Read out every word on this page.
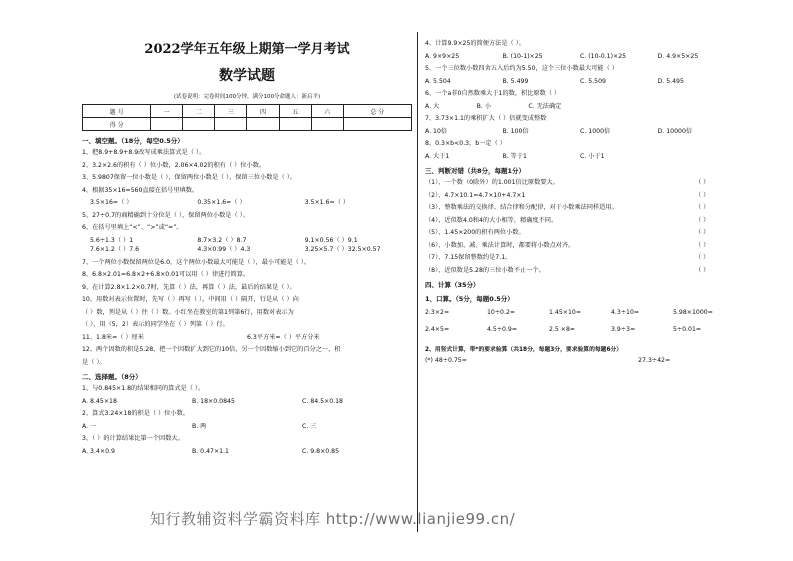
2022学年五年级上期第一学月考试
数学试题
(试卷说明：完卷时间100分钟，满分100分命题人：新启平)
题 号	一	二	三	四	五	六	总 分
得 分							
一、填空题。（18分，每空0.5分）
1、把8.9+8.9+8.9改写成乘法算式是（ ）。
2、3.2×2.6的积有（ ）位小数，2.06×4.02的积有（ ）位小数。
3、5.9807保留一位小数是（ ），保留两位小数是（ ），保留三位小数是（ ）。
4、根据35×16=560直接在括号里填数。
3.5×16=（ ）	0.35×1.6=（ ）	3.5×1.6=（ ）
5、27÷0.7的商精确到十分位是（ ），保留两位小数是（ ）。
6、在括号里填上“<”、“>”或“=”。
5.6÷1.3（ ）1	8.7×3.2（ ）8.7	9.1×0.56（ ）9.1
7.6×1.2（ ）7.6	4.3×0.99（ ）4.3	3.25×5.7（ ）32.5×0.57
7、一个两位小数保留两位是6.0，这个两位小数最大可能是（ ），最小可能是（ ）。
8、6.8×2.01=6.8×2+6.8×0.01可以用（ ）律进行简算。
9、在计算2.8×1.2×0.7时，先算（ ）法，再算（ ）法，最后的结果是（ ）。
10、用数对表示位置时，先写（ ）再写（ ），中间用（ ）隔开，行是从（ ）向
（ ）数，列是从（ ）往（ ）数。小红坐在教室的第1列第6行，用数对表示为
（ ），用（5，2）表示的同学坐在（ ）列第（ ）行。
11、1.8米=（ ）厘米	6.3平方米=（ ）平方分米
12、两个因数的积是5.28，把一个因数扩大到它的10倍，另一个因数缩小到它的百分之一，积
是（ ）。
二、选择题。（8分）
1、与0.845×1.8的结果相同的算式是（ ）。
A. 8.45×18	B. 18×0.0845	C. 84.5×0.18
2、算式3.24×18的积是（ ）位小数。
A. 一	B. 两	C. 三
3、（ ）的计算结果比第一个因数大。
A. 3.4×0.9	B. 0.47×1.1	C. 9.8×0.85
4、计算9.9×25的简便方法是（ ）。
A. 9×9×25	B. (10-1)×25	C. (10-0.1)×25	D. 4.9×5×25
5、一个三位数小数四舍五入后约为5.50，这个三位小数最大可能（ ）
A. 5.504	B. 5.499	C. 5.509	D. 5.495
6、一个a非0自然数乘大于1的数，积比原数（ ）
A. 大	B. 小	C. 无法确定
7、3.73×1.1的乘积扩大（ ）倍就变成整数
A. 10倍	B. 100倍	C. 1000倍	D. 10000倍
8、0.3×b<0.3，b一定（ ）
A. 大于1	B. 等于1	C. 小于1
三、判断对错（共8分，每题1分）
（1）、一个数（0除外）的1.001倍比原数要大。	（ ）
（2）、4.7×10.1=4.7×10+4.7×1	（ ）
（3）、整数乘法的交换律、结合律和分配律，对于小数乘法同样适用。	（ ）
（4）、近似数4.0和4的大小相等，精确度不同。	（ ）
（5）、1.45×200的积有两位小数。	（ ）
（6）、小数加、减、乘法计算时，都要将小数点对齐。	（ ）
（7）、7.15保留整数约是7.1。	（ ）
（8）、近似数是5.28的三位小数不止一个。	（ ）
四、计算（35分）
1、口算。（5分，每题0.5分）
2.3×2=	10÷0.2=	1.45×10=	4.3÷10=	5.98×1000=
2.4×5=	4.5÷0.9=	2.5 ×8=	3.9÷3=	5÷0.01=
2、用竖式计算，带*的要求验算（共18分，每题3分，要求验算的每题6分）
(*) 48÷0.75=	27.3÷42=
知行教辅资料学霸资料库 http://www.lianjie99.cn/
